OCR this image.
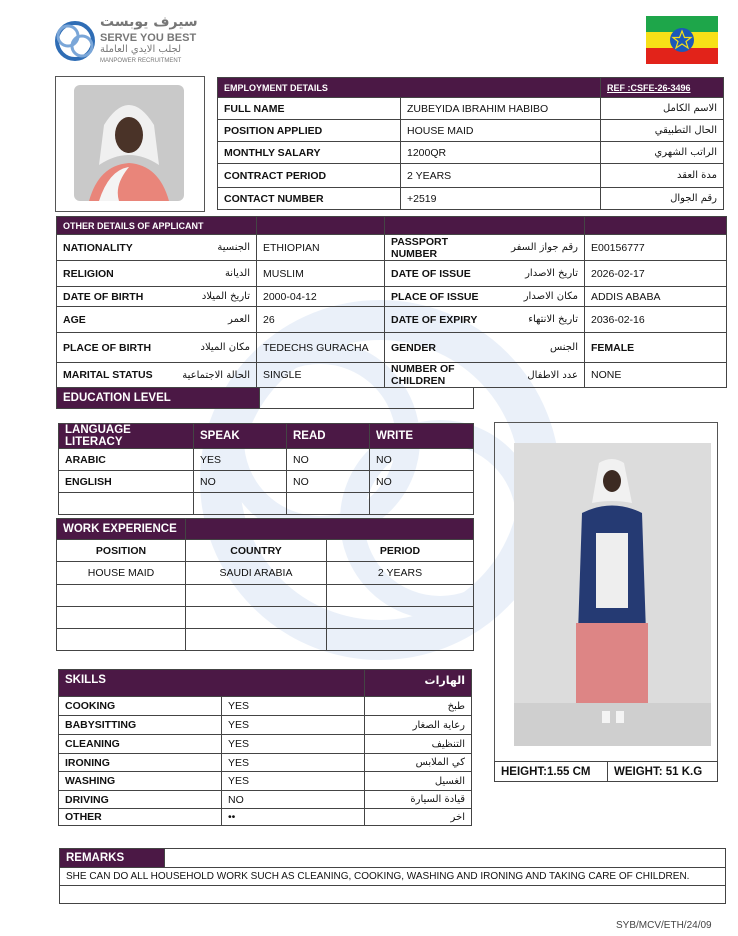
سيرف يوبست
SERVE YOU BEST
لجلب الايدي العاملة
MANPOWER RECRUITMENT
EMPLOYMENT DETAILS		REF :CSFE-26-3496
FULL NAME	ZUBEYIDA IBRAHIM HABIBO	الاسم الكامل
POSITION APPLIED	HOUSE MAID	الحال التطبيقي
MONTHLY SALARY	1200QR	الراتب الشهري
CONTRACT PERIOD	2 YEARS	مدة العقد
CONTACT NUMBER	+2519	رقم الجوال
OTHER DETAILS OF APPLICANT					
NATIONALITY	الجنسية	ETHIOPIAN	PASSPORT NUMBER	رقم جواز السفر	E00156777
RELIGION	الديانة	MUSLIM	DATE OF ISSUE	تاريخ الاصدار	2026-02-17
DATE OF BIRTH	تاريخ الميلاد	2000-04-12	PLACE OF ISSUE	مكان الاصدار	ADDIS ABABA
AGE	العمر	26	DATE OF EXPIRY	تاريخ الانتهاء	2036-02-16
PLACE OF BIRTH	مكان الميلاد	TEDECHS GURACHA	GENDER	الجنس	FEMALE
MARITAL STATUS	الحالة الاجتماعية	SINGLE	NUMBER OF CHILDREN	عدد الاطفال	NONE
EDUCATION LEVEL	
LANGUAGE LITERACY	SPEAK	READ	WRITE
ARABIC	YES	NO	NO
ENGLISH	NO	NO	NO

WORK EXPERIENCE		
POSITION	COUNTRY	PERIOD
HOUSE MAID	SAUDI ARABIA	2 YEARS

SKILLS		الهارات
COOKING	YES	طبخ
BABYSITTING	YES	رعاية الصغار
CLEANING	YES	التنظيف
IRONING	YES	كي الملابس
WASHING	YES	الغسيل
DRIVING	NO	قيادة السيارة
OTHER	••	اخر
HEIGHT:1.55 CM	WEIGHT: 51 K.G
REMARKS	
SHE CAN DO ALL HOUSEHOLD WORK SUCH AS CLEANING, COOKING, WASHING AND IRONING AND TAKING CARE OF CHILDREN.

SYB/MCV/ETH/24/09
